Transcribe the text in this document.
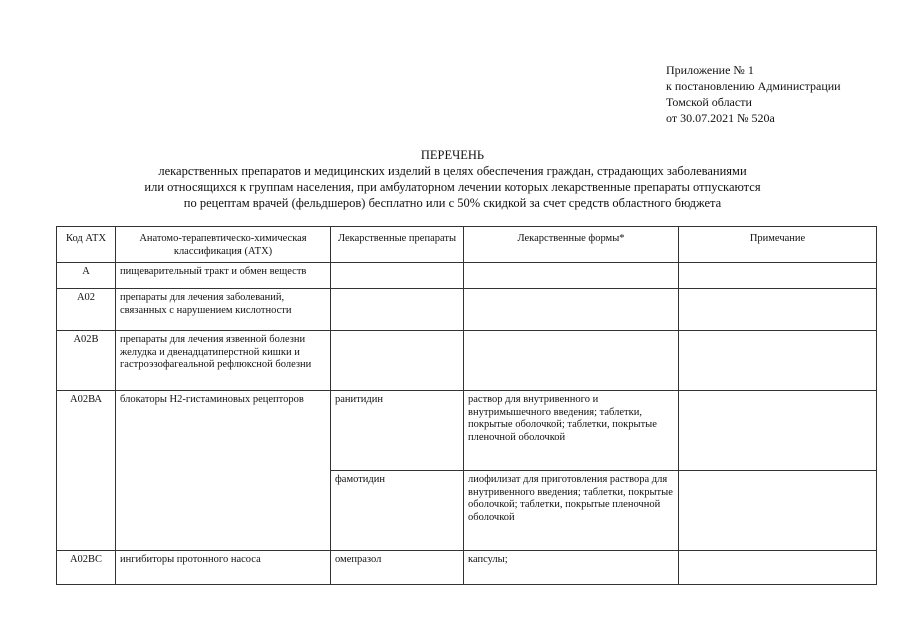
Приложение № 1
к постановлению Администрации
Томской области
от 30.07.2021 № 520а
ПЕРЕЧЕНЬ
лекарственных препаратов и медицинских изделий в целях обеспечения граждан, страдающих заболеваниями
или относящихся к группам населения, при амбулаторном лечении которых лекарственные препараты отпускаются
по рецептам врачей (фельдшеров) бесплатно или с 50% скидкой за счет средств областного бюджета
Код АТХ	Анатомо-терапевтическо-химическая классификация (АТХ)	Лекарственные препараты	Лекарственные формы*	Примечание
А	пищеварительный тракт и обмен веществ			
А02	препараты для лечения заболеваний, связанных с нарушением кислотности			
А02В	препараты для лечения язвенной болезни желудка и двенадцатиперстной кишки и гастроэзофагеальной рефлюксной болезни			
А02ВА	блокаторы Н2-гистаминовых рецепторов	ранитидин	раствор для внутривенного и внутримышечного введения; таблетки, покрытые оболочкой; таблетки, покрытые пленочной оболочкой	
		фамотидин	лиофилизат для приготовления раствора для внутривенного введения; таблетки, покрытые оболочкой; таблетки, покрытые пленочной оболочкой	
А02ВС	ингибиторы протонного насоса	омепразол	капсулы;	
